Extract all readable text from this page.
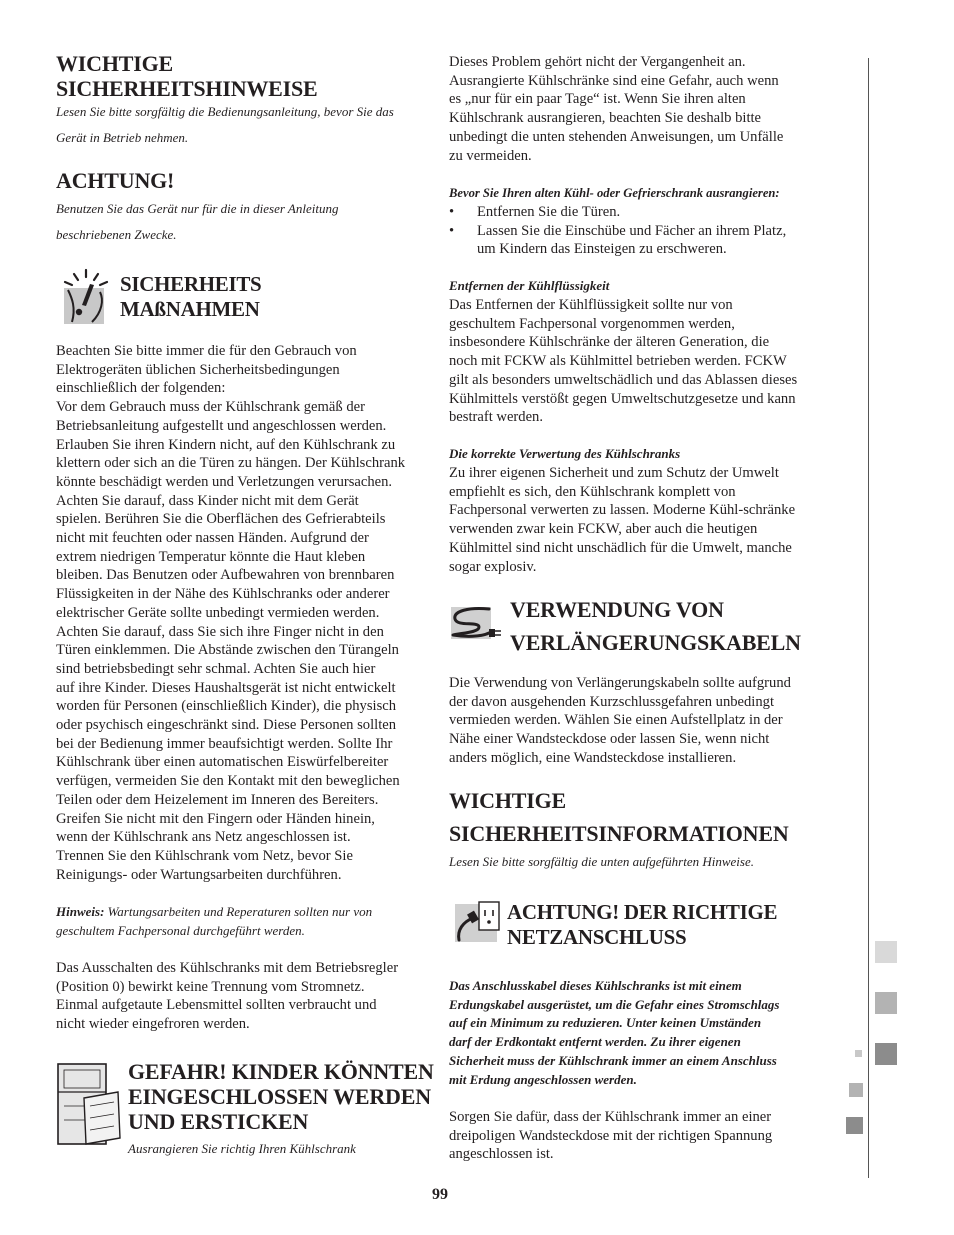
WICHTIGE
SICHERHEITSHINWEISE
Lesen Sie bitte sorgfältig die Bedienungsanleitung, bevor Sie das
Gerät in Betrieb nehmen.
ACHTUNG!
Benutzen Sie das Gerät nur für die in dieser Anleitung
beschriebenen Zwecke.
SICHERHEITS
MAßNAHMEN
Beachten Sie bitte immer die für den Gebrauch von
Elektrogeräten üblichen Sicherheitsbedingungen
einschließlich der folgenden:
Vor dem Gebrauch muss der Kühlschrank gemäß der
Betriebsanleitung aufgestellt und angeschlossen werden.
Erlauben Sie ihren Kindern nicht, auf den Kühlschrank zu
klettern oder sich an die Türen zu hängen. Der Kühlschrank
könnte beschädigt werden und Verletzungen verursachen.
Achten Sie darauf, dass Kinder nicht mit dem Gerät
spielen. Berühren Sie die Oberflächen des Gefrierabteils
nicht mit feuchten oder nassen Händen. Aufgrund der
extrem niedrigen Temperatur könnte die Haut kleben
bleiben. Das Benutzen oder Aufbewahren von brennbaren
Flüssigkeiten in der Nähe des Kühlschranks oder anderer
elektrischer Geräte sollte unbedingt vermieden werden.
Achten Sie darauf, dass Sie sich ihre Finger nicht in den
Türen einklemmen. Die Abstände zwischen den Türangeln
sind betriebsbedingt sehr schmal. Achten Sie auch hier
auf ihre Kinder. Dieses Haushaltsgerät ist nicht entwickelt
worden für Personen (einschließlich Kinder), die physisch
oder psychisch eingeschränkt sind. Diese Personen sollten
bei der Bedienung immer beaufsichtigt werden. Sollte Ihr
Kühlschrank über einen automatischen Eiswürfelbereiter
verfügen, vermeiden Sie den Kontakt mit den beweglichen
Teilen oder dem Heizelement im Inneren des Bereiters.
Greifen Sie nicht mit den Fingern oder Händen hinein,
wenn der Kühlschrank ans Netz angeschlossen ist.
Trennen Sie den Kühlschrank vom Netz, bevor Sie
Reinigungs- oder Wartungsarbeiten durchführen.
Hinweis: Wartungsarbeiten und Reperaturen sollten nur von
geschultem Fachpersonal durchgeführt werden.
Das Ausschalten des Kühlschranks mit dem Betriebsregler
(Position 0) bewirkt keine Trennung vom Stromnetz.
Einmal aufgetaute Lebensmittel sollten verbraucht und
nicht wieder eingefroren werden.
GEFAHR! KINDER KÖNNTEN
EINGESCHLOSSEN WERDEN
UND ERSTICKEN
Ausrangieren Sie richtig Ihren Kühlschrank
Dieses Problem gehört nicht der Vergangenheit an.
Ausrangierte Kühlschränke sind eine Gefahr, auch wenn
es „nur für ein paar Tage“ ist. Wenn Sie ihren alten
Kühlschrank ausrangieren, beachten Sie deshalb bitte
unbedingt die unten stehenden Anweisungen, um Unfälle
zu vermeiden.
Bevor Sie Ihren alten Kühl- oder Gefrierschrank ausrangieren:
• Entfernen Sie die Türen.
• Lassen Sie die Einschübe und Fächer an ihrem Platz,
um Kindern das Einsteigen zu erschweren.
Entfernen der Kühlflüssigkeit
Das Entfernen der Kühlflüssigkeit sollte nur von
geschultem Fachpersonal vorgenommen werden,
insbesondere Kühlschränke der älteren Generation, die
noch mit FCKW als Kühlmittel betrieben werden. FCKW
gilt als besonders umweltschädlich und das Ablassen dieses
Kühlmittels verstößt gegen Umweltschutzgesetze und kann
bestraft werden.
Die korrekte Verwertung des Kühlschranks
Zu ihrer eigenen Sicherheit und zum Schutz der Umwelt
empfiehlt es sich, den Kühlschrank komplett von
Fachpersonal verwerten zu lassen. Moderne Kühl-schränke
verwenden zwar kein FCKW, aber auch die heutigen
Kühlmittel sind nicht unschädlich für die Umwelt, manche
sogar explosiv.
VERWENDUNG VON
VERLÄNGERUNGSKABELN
Die Verwendung von Verlängerungskabeln sollte aufgrund
der davon ausgehenden Kurzschlussgefahren unbedingt
vermieden werden. Wählen Sie einen Aufstellplatz in der
Nähe einer Wandsteckdose oder lassen Sie, wenn nicht
anders möglich, eine Wandsteckdose installieren.
WICHTIGE
SICHERHEITSINFORMATIONEN
Lesen Sie bitte sorgfältig die unten aufgeführten Hinweise.
ACHTUNG! DER RICHTIGE
NETZANSCHLUSS
Das Anschlusskabel dieses Kühlschranks ist mit einem
Erdungskabel ausgerüstet, um die Gefahr eines Stromschlags
auf ein Minimum zu reduzieren. Unter keinen Umständen
darf der Erdkontakt entfernt werden. Zu ihrer eigenen
Sicherheit muss der Kühlschrank immer an einem Anschluss
mit Erdung angeschlossen werden.
Sorgen Sie dafür, dass der Kühlschrank immer an einer
dreipoligen Wandsteckdose mit der richtigen Spannung
angeschlossen ist.
99
